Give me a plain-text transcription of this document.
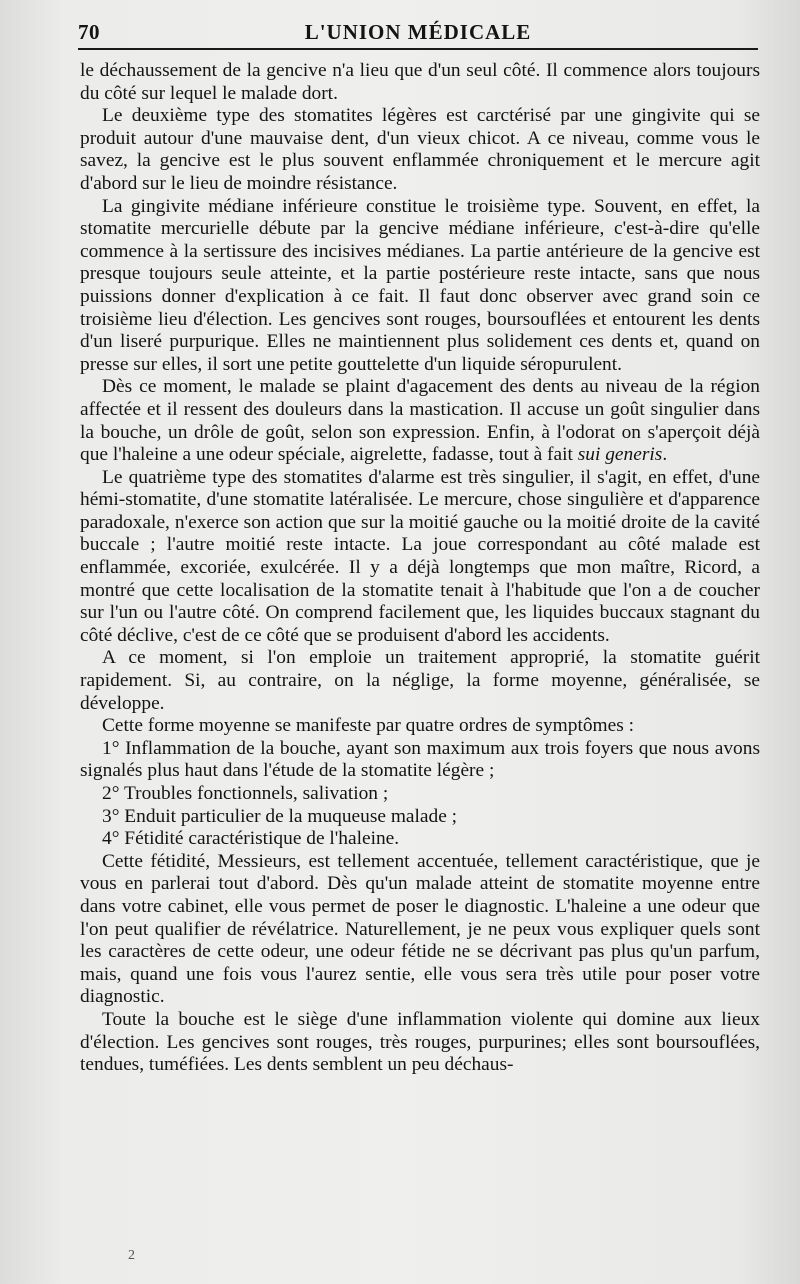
70	L'UNION MÉDICALE

le déchaussement de la gencive n'a lieu que d'un seul côté. Il commence alors toujours du côté sur lequel le malade dort.

Le deuxième type des stomatites légères est carctérisé par une gingivite qui se produit autour d'une mauvaise dent, d'un vieux chicot. A ce niveau, comme vous le savez, la gencive est le plus souvent enflammée chroniquement et le mercure agit d'abord sur le lieu de moindre résistance.

La gingivite médiane inférieure constitue le troisième type. Souvent, en effet, la stomatite mercurielle débute par la gencive médiane inférieure, c'est-à-dire qu'elle commence à la sertissure des incisives médianes. La partie antérieure de la gencive est presque toujours seule atteinte, et la partie postérieure reste intacte, sans que nous puissions donner d'explication à ce fait. Il faut donc observer avec grand soin ce troisième lieu d'élection. Les gencives sont rouges, boursouflées et entourent les dents d'un liseré purpurique. Elles ne maintiennent plus solidement ces dents et, quand on presse sur elles, il sort une petite gouttelette d'un liquide séropurulent.

Dès ce moment, le malade se plaint d'agacement des dents au niveau de la région affectée et il ressent des douleurs dans la mastication. Il accuse un goût singulier dans la bouche, un drôle de goût, selon son expression. Enfin, à l'odorat on s'aperçoit déjà que l'haleine a une odeur spéciale, aigrelette, fadasse, tout à fait sui generis.

Le quatrième type des stomatites d'alarme est très singulier, il s'agit, en effet, d'une hémi-stomatite, d'une stomatite latéralisée. Le mercure, chose singulière et d'apparence paradoxale, n'exerce son action que sur la moitié gauche ou la moitié droite de la cavité buccale ; l'autre moitié reste intacte. La joue correspondant au côté malade est enflammée, excoriée, exulcérée. Il y a déjà longtemps que mon maître, Ricord, a montré que cette localisation de la stomatite tenait à l'habitude que l'on a de coucher sur l'un ou l'autre côté. On comprend facilement que, les liquides buccaux stagnant du côté déclive, c'est de ce côté que se produisent d'abord les accidents.

A ce moment, si l'on emploie un traitement approprié, la stomatite guérit rapidement. Si, au contraire, on la néglige, la forme moyenne, généralisée, se développe.

Cette forme moyenne se manifeste par quatre ordres de symptômes :

1° Inflammation de la bouche, ayant son maximum aux trois foyers que nous avons signalés plus haut dans l'étude de la stomatite légère ;

2° Troubles fonctionnels, salivation ;

3° Enduit particulier de la muqueuse malade ;

4° Fétidité caractéristique de l'haleine.

Cette fétidité, Messieurs, est tellement accentuée, tellement caractéristique, que je vous en parlerai tout d'abord. Dès qu'un malade atteint de stomatite moyenne entre dans votre cabinet, elle vous permet de poser le diagnostic. L'haleine a une odeur que l'on peut qualifier de révélatrice. Naturellement, je ne peux vous expliquer quels sont les caractères de cette odeur, une odeur fétide ne se décrivant pas plus qu'un parfum, mais, quand une fois vous l'aurez sentie, elle vous sera très utile pour poser votre diagnostic.

Toute la bouche est le siège d'une inflammation violente qui domine aux lieux d'élection. Les gencives sont rouges, très rouges, purpurines; elles sont boursouflées, tendues, tuméfiées. Les dents semblent un peu déchaus-

2
